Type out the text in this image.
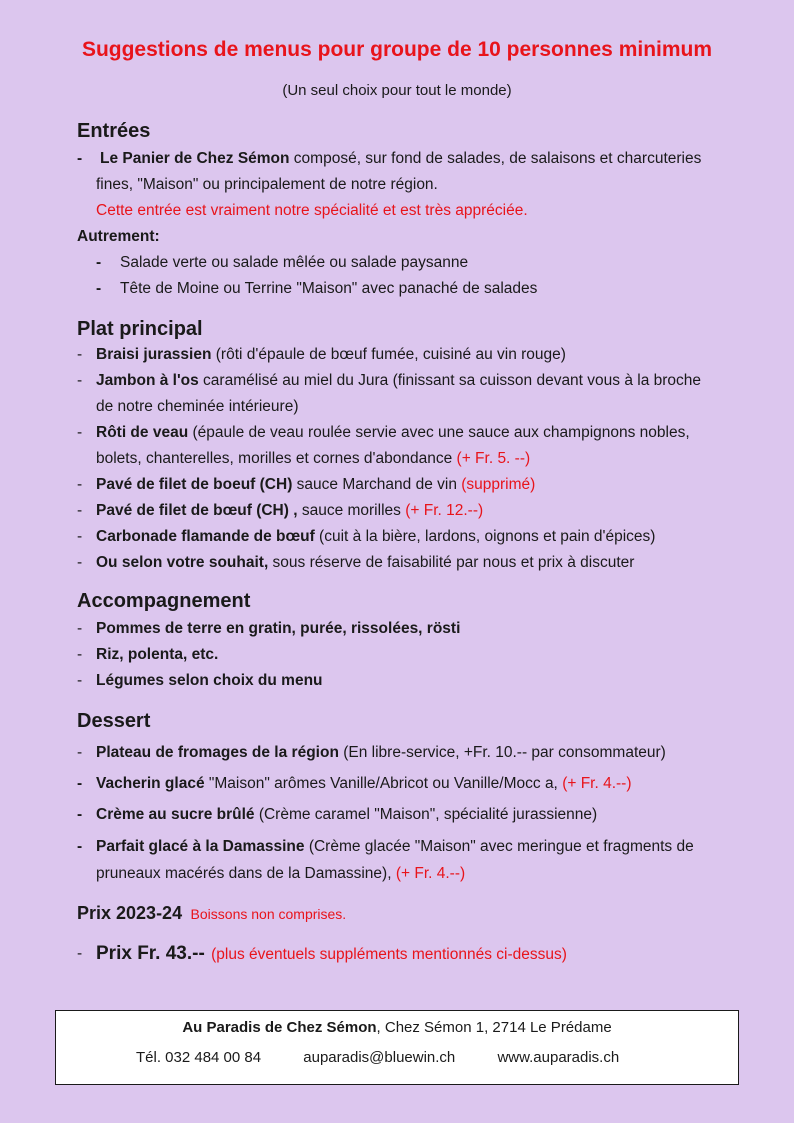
Suggestions de menus pour groupe de 10 personnes minimum
(Un seul choix pour tout le monde)
Entrées
- Le Panier de Chez Sémon composé, sur fond de salades, de salaisons et charcuteries
fines, "Maison" ou principalement de notre région.
Cette entrée est vraiment notre spécialité et est très appréciée.
Autrement:
- Salade verte ou salade mêlée ou salade paysanne
- Tête de Moine ou Terrine "Maison" avec panaché de salades
Plat principal
- Braisi jurassien (rôti d'épaule de bœuf fumée, cuisiné au vin rouge)
- Jambon à l'os caramélisé au miel du Jura (finissant sa cuisson devant vous à la broche
de notre cheminée intérieure)
- Rôti de veau (épaule de veau roulée servie avec une sauce aux champignons nobles,
bolets, chanterelles, morilles et cornes d'abondance (+ Fr. 5. --)
- Pavé de filet de boeuf (CH) sauce Marchand de vin (supprimé)
- Pavé de filet de bœuf (CH) , sauce morilles (+ Fr. 12.--)
- Carbonade flamande de bœuf (cuit à la bière, lardons, oignons et pain d'épices)
- Ou selon votre souhait, sous réserve de faisabilité par nous et prix à discuter
Accompagnement
- Pommes de terre en gratin, purée, rissolées, rösti
- Riz, polenta, etc.
- Légumes selon choix du menu
Dessert
- Plateau de fromages de la région (En libre-service, +Fr. 10.-- par consommateur)
- Vacherin glacé "Maison" arômes Vanille/Abricot ou Vanille/Mocc a, (+ Fr. 4.--)
- Crème au sucre brûlé (Crème caramel "Maison", spécialité jurassienne)
- Parfait glacé à la Damassine (Crème glacée "Maison" avec meringue et fragments de
pruneaux macérés dans de la Damassine), (+ Fr. 4.--)
Prix 2023-24 Boissons non comprises.
- Prix Fr. 43.-- (plus éventuels suppléments mentionnés ci-dessus)
Au Paradis de Chez Sémon, Chez Sémon 1, 2714 Le Prédame
Tél. 032 484 00 84	auparadis@bluewin.ch	www.auparadis.ch
